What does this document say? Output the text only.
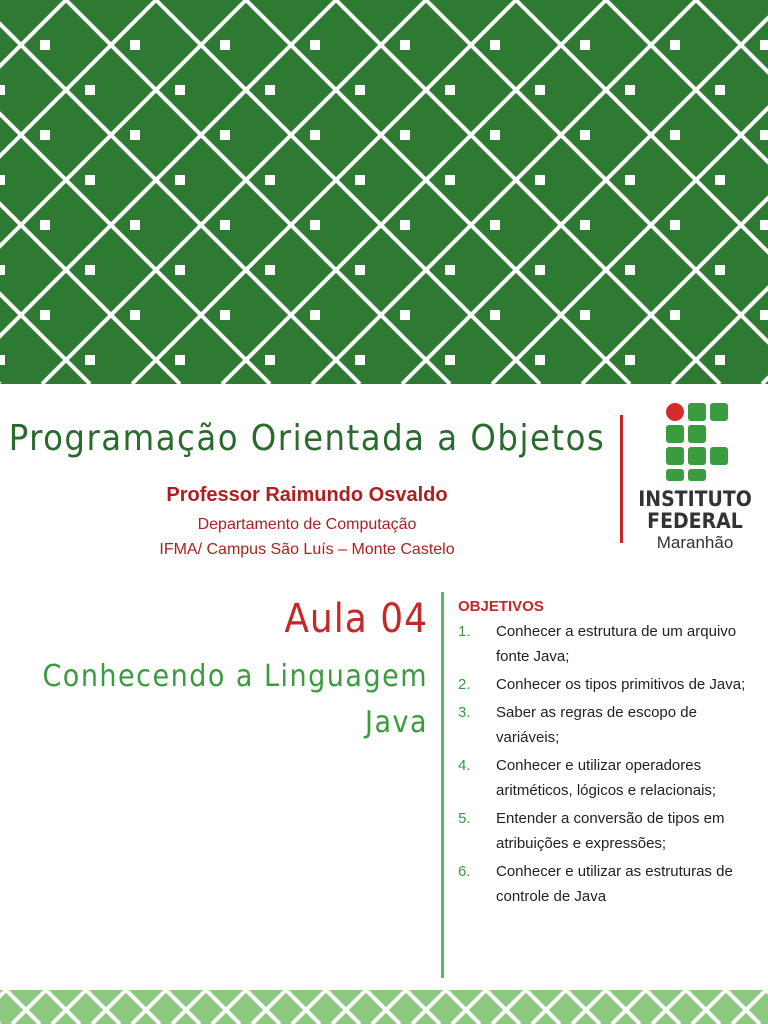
Programação Orientada a Objetos
Professor Raimundo Osvaldo
Departamento de Computação
IFMA/ Campus São Luís – Monte Castelo
INSTITUTO
FEDERAL
Maranhão
Aula 04
Conhecendo a Linguagem Java
OBJETIVOS
1.	Conhecer a estrutura de um arquivo fonte Java;
2.	Conhecer os tipos primitivos de Java;
3.	Saber as regras de escopo de variáveis;
4.	Conhecer e utilizar operadores aritméticos, lógicos e relacionais;
5.	Entender a conversão de tipos em atribuições e expressões;
6.	Conhecer e utilizar as estruturas de controle de Java
